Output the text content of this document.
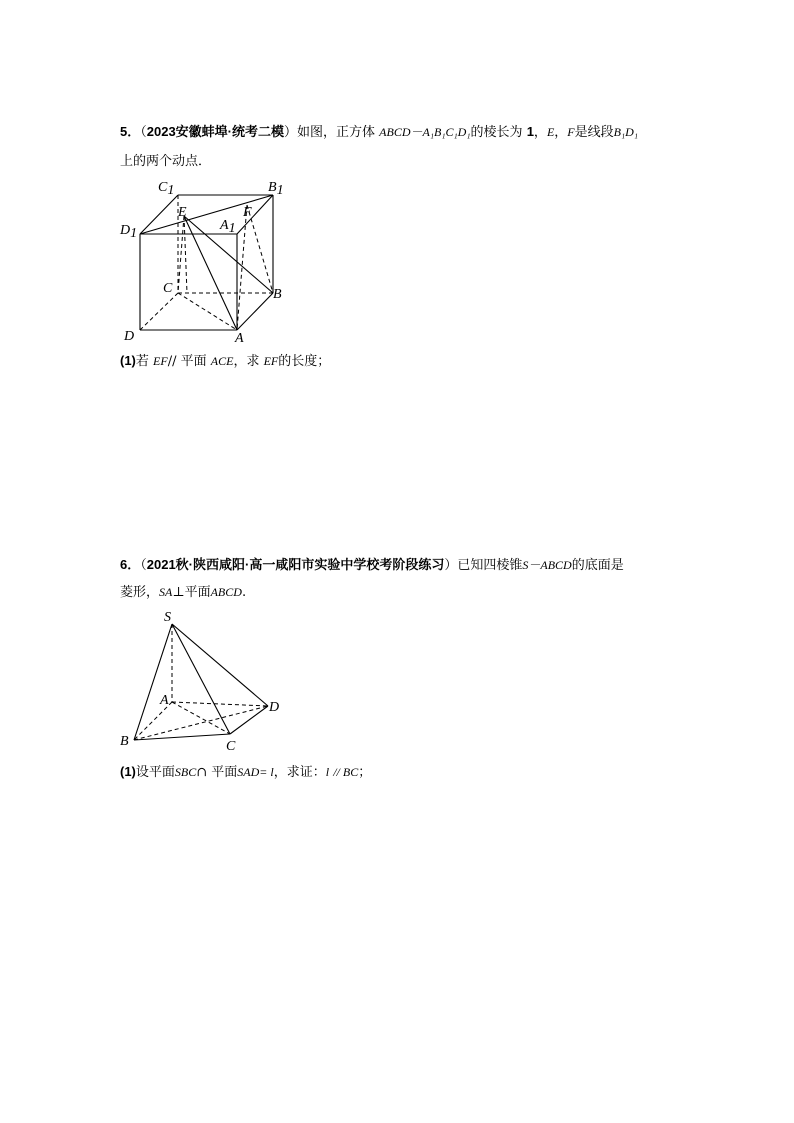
5．（2023安徽蚌埠·统考二模）如图，正方体 ABCD－A₁B₁C₁D₁的棱长为 1，E，F是线段B₁D₁
上的两个动点．
C1	B1
D1
A1
E	F
C	B
D	A
(1)若 EF// 平面 ACE，求 EF的长度；
6．（2021秋·陕西咸阳·高一咸阳市实验中学校考阶段练习）已知四棱锥S－ABCD的底面是
菱形，SA⊥平面ABCD.
S
A	D
B	C
(1)设平面SBC∩ 平面SAD= l，求证：l // BC；
